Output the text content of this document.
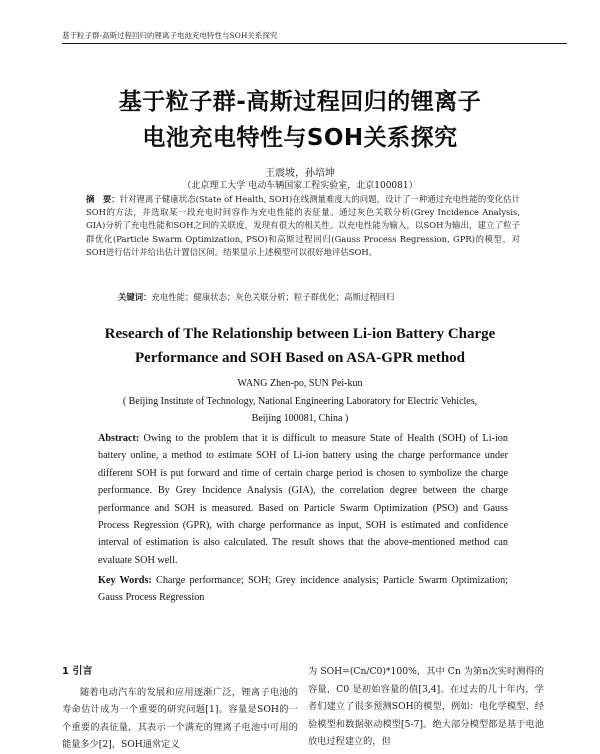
基于粒子群-高斯过程回归的锂离子电池充电特性与SOH关系探究
基于粒子群-高斯过程回归的锂离子
电池充电特性与SOH关系探究
王震坡，孙培坤
（北京理工大学 电动车辆国家工程实验室，北京100081）
摘　要：针对锂离子健康状态(State of Health, SOH)在线测量难度大的问题，设计了一种通过充电性能的变化估计SOH的方法，并选取某一段充电时间容作为充电性能的表征量。通过灰色关联分析(Grey Incidence Analysis, GIA)分析了充电性能和SOH之间的关联度，发现有很大的相关性。以充电性能为输入，以SOH为输出，建立了粒子群优化(Particle Swarm Optimization, PSO)和高斯过程回归(Gauss Process Regression, GPR)的模型，对SOH进行估计并给出估计置信区间。结果显示上述模型可以很好地评估SOH。
关键词：充电性能；健康状态；灰色关联分析；粒子群优化；高斯过程回归
Research of The Relationship between Li-ion Battery Charge
Performance and SOH Based on ASA-GPR method
WANG Zhen-po, SUN Pei-kun
( Beijing Institute of Technology, National Engineering Laboratory for Electric Vehicles,
Beijing 100081, China )
Abstract: Owing to the problem that it is difficult to measure State of Health (SOH) of Li-ion battery online, a method to estimate SOH of Li-ion battery using the charge performance under different SOH is put forward and time of certain charge period is chosen to symbolize the charge performance. By Grey Incidence Analysis (GIA), the correlation degree between the charge performance and SOH is measured. Based on Particle Swarm Optimization (PSO) and Gauss Process Regression (GPR), with charge performance as input, SOH is estimated and confidence interval of estimation is also calculated. The result shows that the above-mentioned method can evaluate SOH well.
Key Words: Charge performance; SOH; Grey incidence analysis; Particle Swarm Optimization; Gauss Process Regression
1 引言

随着电动汽车的发展和应用逐渐广泛，锂离子电池的寿命估计成为一个重要的研究问题[1]。容量是SOH的一个重要的表征量，其表示一个满充的锂离子电池中可用的能量多少[2]，SOH通常定义

为 SOH=(Cn/C0)*100%，其中 Cn 为第n次实时测得的容量，C0 是初始容量的值[3,4]。在过去的几十年内，学者们建立了很多预测SOH的模型，例如：电化学模型、经验模型和数据驱动模型[5-7]。绝大部分模型都是基于电池放电过程建立的，但
